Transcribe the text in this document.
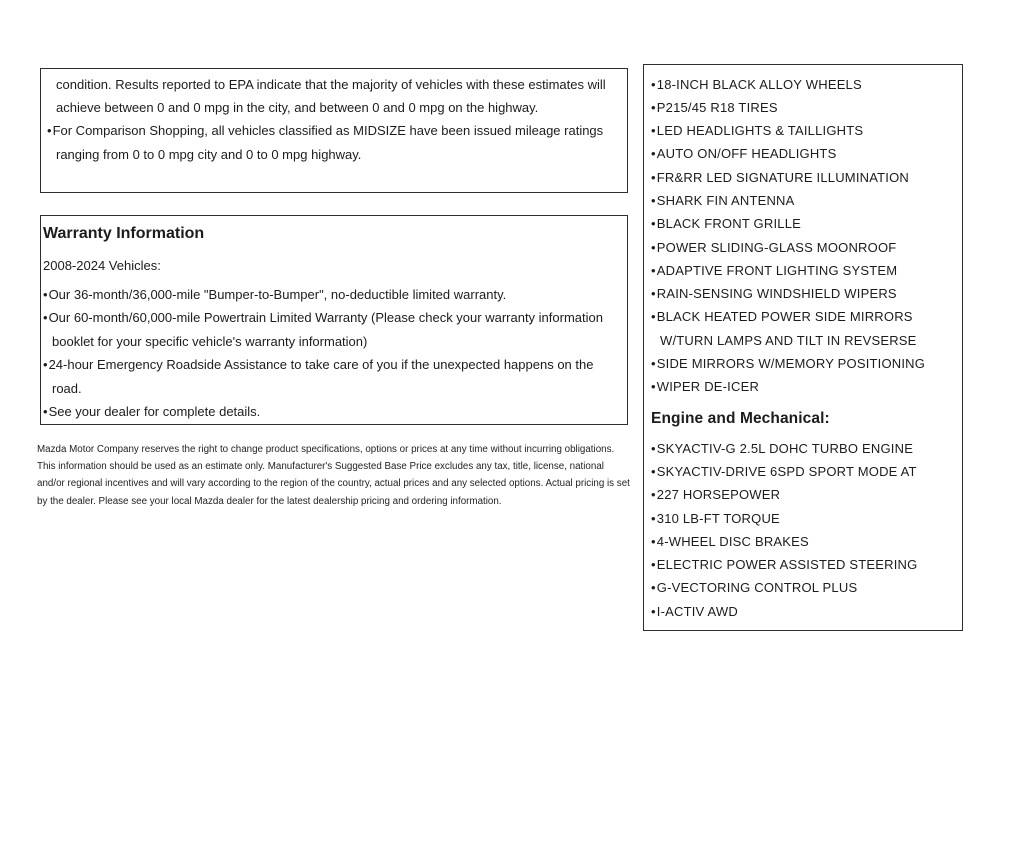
condition. Results reported to EPA indicate that the majority of vehicles with these estimates will achieve between 0 and 0 mpg in the city, and between 0 and 0 mpg on the highway.

• For Comparison Shopping, all vehicles classified as MIDSIZE have been issued mileage ratings ranging from 0 to 0 mpg city and 0 to 0 mpg highway.
Warranty Information

2008-2024 Vehicles:

• Our 36-month/36,000-mile "Bumper-to-Bumper", no-deductible limited warranty.
• Our 60-month/60,000-mile Powertrain Limited Warranty (Please check your warranty information booklet for your specific vehicle's warranty information)
• 24-hour Emergency Roadside Assistance to take care of you if the unexpected happens on the road.
• See your dealer for complete details.

Mazda Motor Company reserves the right to change product specifications, options or prices at any time without incurring obligations. This information should be used as an estimate only. Manufacturer's Suggested Base Price excludes any tax, title, license, national and/or regional incentives and will vary according to the region of the country, actual prices and any selected options. Actual pricing is set by the dealer. Please see your local Mazda dealer for the latest dealership pricing and ordering information.

• 18-INCH BLACK ALLOY WHEELS
• P215/45 R18 TIRES
• LED HEADLIGHTS & TAILLIGHTS
• AUTO ON/OFF HEADLIGHTS
• FR&RR LED SIGNATURE ILLUMINATION
• SHARK FIN ANTENNA
• BLACK FRONT GRILLE
• POWER SLIDING-GLASS MOONROOF
• ADAPTIVE FRONT LIGHTING SYSTEM
• RAIN-SENSING WINDSHIELD WIPERS
• BLACK HEATED POWER SIDE MIRRORS W/TURN LAMPS AND TILT IN REVSERSE
• SIDE MIRRORS W/MEMORY POSITIONING
• WIPER DE-ICER
Engine and Mechanical:
• SKYACTIV-G 2.5L DOHC TURBO ENGINE
• SKYACTIV-DRIVE 6SPD SPORT MODE AT
• 227 HORSEPOWER
• 310 LB-FT TORQUE
• 4-WHEEL DISC BRAKES
• ELECTRIC POWER ASSISTED STEERING
• G-VECTORING CONTROL PLUS
• I-ACTIV AWD
